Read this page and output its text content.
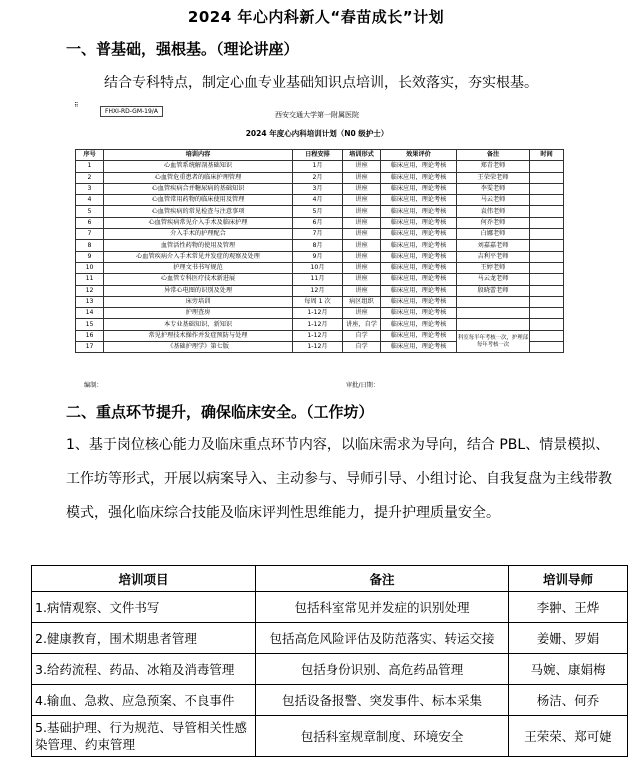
2024 年心内科新人“春苗成长”计划
一、普基础，强根基。（理论讲座）
结合专科特点，制定心血专业基础知识点培训，长效落实，夯实根基。
⠿
FHXI-RD-GM-19/A	西安交通大学第一附属医院
2024 年度心内科培训计划（N0 级护士）
序号	培训内容	日程安排	培训形式	效果评价	备注	时间
1	心血管系统解剖基础知识	1月	讲座	临床应用，理论考核	郑青老师	
2	心血管危重患者的临床护理管理	2月	讲座	临床应用，理论考核	王荣荣老师	
3	心血管疾病合并糖尿病的基础知识	3月	讲座	临床应用，理论考核	李雯老师	
4	心血管常用药物的临床使用及管理	4月	讲座	临床应用，理论考核	马云老师	
5	心血管疾病的常见检查与注意事项	5月	讲座	临床应用，理论考核	袁伟老师	
6	心血管疾病常见介入手术及临床护理	6月	讲座	临床应用，理论考核	何乔老师	
7	介入手术的护理配合	7月	讲座	临床应用，理论考核	白娜老师	
8	血管活性药物的使用及管理	8月	讲座	临床应用，理论考核	刘嘉嘉老师	
9	心血管疾病介入手术常见并发症的观察及处理	9月	讲座	临床应用，理论考核	吉利平老师	
10	护理文书书写规范	10月	讲座	临床应用，理论考核	王婷老师	
11	心血管专科医疗技术新进展	11月	讲座	临床应用，理论考核	马云龙老师	
12	异常心电图的识别及处理	12月	讲座	临床应用，理论考核	殷晓蕾老师	
13	床旁培训	每周 1 次	病区组织	临床应用，理论考核		
14	护理查房	1-12月	讲座	临床应用，理论考核		
15	本专业基础知识、新知识	1-12月	讲座，自学	临床应用，理论考核		
16	常见护理技术操作并发症预防与处理	1-12月	自学	临床应用，理论考核	科室每半年考核一次，护理部每年考核一次	
17	《基础护理学》第七版	1-12月	自学	临床应用，理论考核		
编制：	审批/日期：
二、重点环节提升，确保临床安全。（工作坊）
1、基于岗位核心能力及临床重点环节内容，以临床需求为导向，结合 PBL、情景模拟、工作坊等形式，开展以病案导入、主动参与、导师引导、小组讨论、自我复盘为主线带教模式，强化临床综合技能及临床评判性思维能力，提升护理质量安全。
培训项目	备注	培训导师
1.病情观察、文件书写	包括科室常见并发症的识别处理	李翀、王烨
2.健康教育，围术期患者管理	包括高危风险评估及防范落实、转运交接	姜姗、罗娟
3.给药流程、药品、冰箱及消毒管理	包括身份识别、高危药品管理	马婉、康娟梅
4.输血、急救、应急预案、不良事件	包括设备报警、突发事件、标本采集	杨洁、何乔
5.基础护理、行为规范、导管相关性感染管理、约束管理	包括科室规章制度、环境安全	王荣荣、郑可婕
